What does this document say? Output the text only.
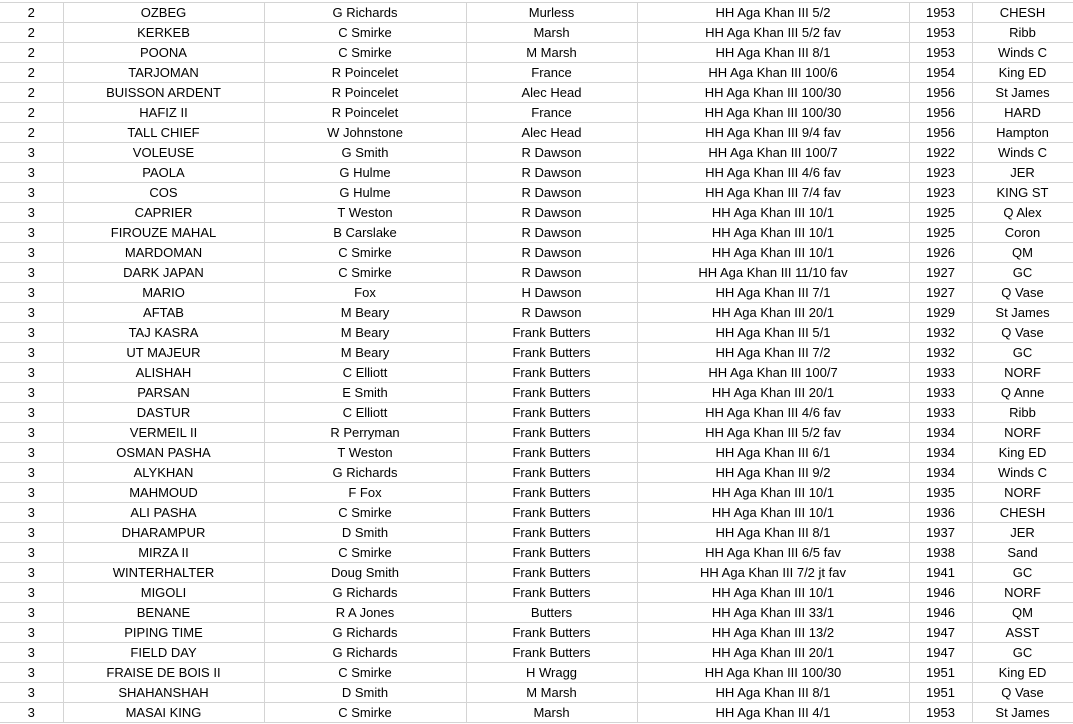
2	OZBEG	G Richards	Murless	HH Aga Khan III 5/2	1953	CHESH
2	KERKEB	C Smirke	Marsh	HH Aga Khan III 5/2 fav	1953	Ribb
2	POONA	C Smirke	M Marsh	HH Aga Khan III 8/1	1953	Winds C
2	TARJOMAN	R Poincelet	France	HH Aga Khan III 100/6	1954	King ED
2	BUISSON ARDENT	R Poincelet	Alec Head	HH Aga Khan III 100/30	1956	St James
2	HAFIZ II	R Poincelet	France	HH Aga Khan III 100/30	1956	HARD
2	TALL CHIEF	W Johnstone	Alec Head	HH Aga Khan III 9/4 fav	1956	Hampton
3	VOLEUSE	G Smith	R Dawson	HH Aga Khan III 100/7	1922	Winds C
3	PAOLA	G Hulme	R Dawson	HH Aga Khan III 4/6 fav	1923	JER
3	COS	G Hulme	R Dawson	HH Aga Khan III 7/4 fav	1923	KING ST
3	CAPRIER	T Weston	R Dawson	HH Aga Khan III 10/1	1925	Q Alex
3	FIROUZE MAHAL	B Carslake	R Dawson	HH Aga Khan III 10/1	1925	Coron
3	MARDOMAN	C Smirke	R Dawson	HH Aga Khan III 10/1	1926	QM
3	DARK JAPAN	C Smirke	R Dawson	HH Aga Khan III 11/10 fav	1927	GC
3	MARIO	Fox	H Dawson	HH Aga Khan III 7/1	1927	Q Vase
3	AFTAB	M Beary	R Dawson	HH Aga Khan III 20/1	1929	St James
3	TAJ KASRA	M Beary	Frank Butters	HH Aga Khan III 5/1	1932	Q Vase
3	UT MAJEUR	M Beary	Frank Butters	HH Aga Khan III 7/2	1932	GC
3	ALISHAH	C Elliott	Frank Butters	HH Aga Khan III 100/7	1933	NORF
3	PARSAN	E Smith	Frank Butters	HH Aga Khan III 20/1	1933	Q Anne
3	DASTUR	C Elliott	Frank Butters	HH Aga Khan III 4/6 fav	1933	Ribb
3	VERMEIL II	R Perryman	Frank Butters	HH Aga Khan III 5/2 fav	1934	NORF
3	OSMAN PASHA	T Weston	Frank Butters	HH Aga Khan III 6/1	1934	King ED
3	ALYKHAN	G Richards	Frank Butters	HH Aga Khan III 9/2	1934	Winds C
3	MAHMOUD	F Fox	Frank Butters	HH Aga Khan III 10/1	1935	NORF
3	ALI PASHA	C Smirke	Frank Butters	HH Aga Khan III 10/1	1936	CHESH
3	DHARAMPUR	D Smith	Frank Butters	HH Aga Khan III 8/1	1937	JER
3	MIRZA II	C Smirke	Frank Butters	HH Aga Khan III 6/5 fav	1938	Sand
3	WINTERHALTER	Doug Smith	Frank Butters	HH Aga Khan III 7/2 jt fav	1941	GC
3	MIGOLI	G Richards	Frank Butters	HH Aga Khan III 10/1	1946	NORF
3	BENANE	R A Jones	Butters	HH Aga Khan III 33/1	1946	QM
3	PIPING TIME	G Richards	Frank Butters	HH Aga Khan III 13/2	1947	ASST
3	FIELD DAY	G Richards	Frank Butters	HH Aga Khan III 20/1	1947	GC
3	FRAISE DE BOIS II	C Smirke	H Wragg	HH Aga Khan III 100/30	1951	King ED
3	SHAHANSHAH	D Smith	M Marsh	HH Aga Khan III 8/1	1951	Q Vase
3	MASAI KING	C Smirke	Marsh	HH Aga Khan III 4/1	1953	St James
